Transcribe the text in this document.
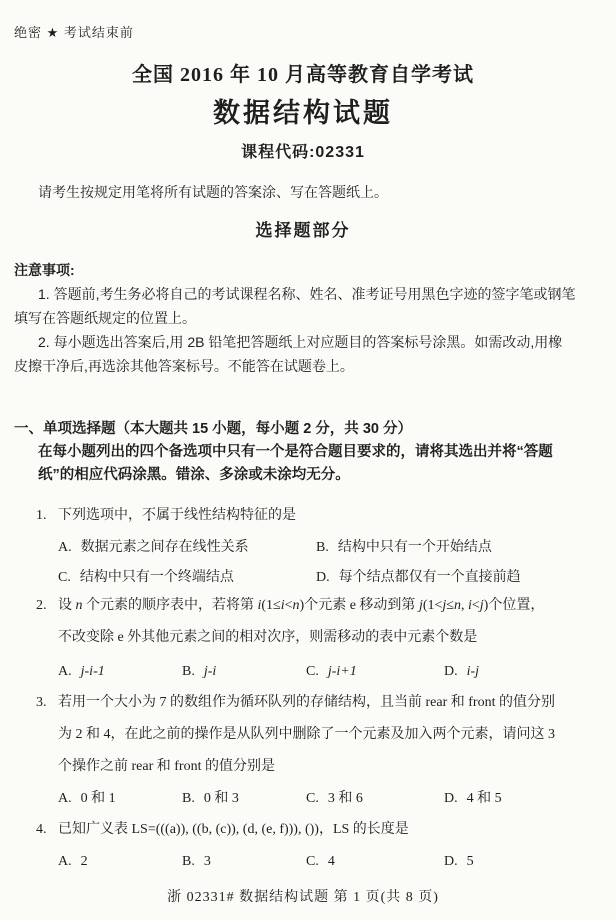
绝密 ★ 考试结束前
全国 2016 年 10 月高等教育自学考试
数据结构试题
课程代码:02331
请考生按规定用笔将所有试题的答案涂、写在答题纸上。
选择题部分
注意事项:
1. 答题前,考生务必将自己的考试课程名称、姓名、准考证号用黑色字迹的签字笔或钢笔
填写在答题纸规定的位置上。
2. 每小题选出答案后,用 2B 铅笔把答题纸上对应题目的答案标号涂黑。如需改动,用橡
皮擦干净后,再选涂其他答案标号。不能答在试题卷上。
一、单项选择题（本大题共 15 小题，每小题 2 分，共 30 分）
在每小题列出的四个备选项中只有一个是符合题目要求的，请将其选出并将“答题
纸”的相应代码涂黑。错涂、多涂或未涂均无分。
1. 下列选项中，不属于线性结构特征的是
A. 数据元素之间存在线性关系	B. 结构中只有一个开始结点
C. 结构中只有一个终端结点	D. 每个结点都仅有一个直接前趋
2. 设 n 个元素的顺序表中，若将第 i(1≤i<n)个元素 e 移动到第 j(1<j≤n, i<j)个位置，
不改变除 e 外其他元素之间的相对次序，则需移动的表中元素个数是
A. j-i-1	B. j-i	C. j-i+1	D. i-j
3. 若用一个大小为 7 的数组作为循环队列的存储结构，且当前 rear 和 front 的值分别
为 2 和 4，在此之前的操作是从队列中删除了一个元素及加入两个元素，请问这 3
个操作之前 rear 和 front 的值分别是
A. 0 和 1	B. 0 和 3	C. 3 和 6	D. 4 和 5
4. 已知广义表 LS=(((a)), ((b, (c)), (d, (e, f))), ())，LS 的长度是
A. 2	B. 3	C. 4	D. 5
浙 02331# 数据结构试题 第 1 页(共 8 页)
